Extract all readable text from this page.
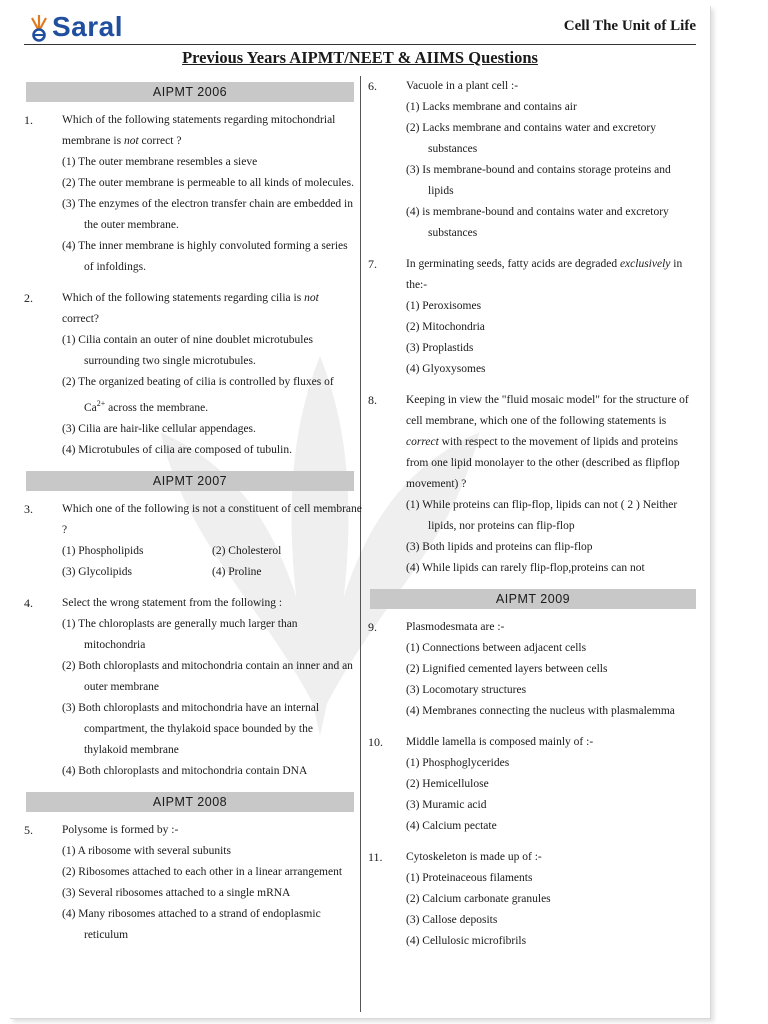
Saral	Cell The Unit of Life
Previous Years AIPMT/NEET & AIIMS Questions
AIPMT 2006
1.	Which of the following statements regarding mitochondrial membrane is not correct ?
(1) The outer membrane resembles a sieve
(2) The outer membrane is permeable to all kinds of molecules.
(3) The enzymes of the electron transfer chain are embedded in the outer membrane.
(4) The inner membrane is highly convoluted forming a series of infoldings.
2.	Which of the following statements regarding cilia is not correct?
(1) Cilia contain an outer of nine doublet microtubules surrounding two single microtubules.
(2) The organized beating of cilia is controlled by fluxes of $Ca^{2+}$ across the membrane.
(3) Cilia are hair-like cellular appendages.
(4) Microtubules of cilia are composed of tubulin.
AIPMT 2007
3.	Which one of the following is not a constituent of cell membrane ?
(1) Phospholipids	(2) Cholesterol
(3) Glycolipids	(4) Proline
4.	Select the wrong statement from the following :
(1) The chloroplasts are generally much larger than mitochondria
(2) Both chloroplasts and mitochondria contain an inner and an outer membrane
(3) Both chloroplasts and mitochondria have an internal compartment, the thylakoid space bounded by the thylakoid membrane
(4) Both chloroplasts and mitochondria contain DNA
AIPMT 2008
5.	Polysome is formed by :-
(1) A ribosome with several subunits
(2) Ribosomes attached to each other in a linear arrangement
(3) Several ribosomes attached to a single mRNA
(4) Many ribosomes attached to a strand of endoplasmic reticulum
6.	Vacuole in a plant cell :-
(1) Lacks membrane and contains air
(2) Lacks membrane and contains water and excretory substances
(3) Is membrane-bound and contains storage proteins and lipids
(4) is membrane-bound and contains water and excretory substances
7.	In germinating seeds, fatty acids are degraded exclusively in the:-
(1) Peroxisomes
(2) Mitochondria
(3) Proplastids
(4) Glyoxysomes
8.	Keeping in view the "fluid mosaic model" for the structure of cell membrane, which one of the following statements is correct with respect to the movement of lipids and proteins from one lipid monolayer to the other (described as flipflop movement) ?
(1) While proteins can flip-flop, lipids can not ( 2 ) Neither lipids, nor proteins can flip-flop
(3) Both lipids and proteins can flip-flop
(4) While lipids can rarely flip-flop,proteins can not
AIPMT 2009
9.	Plasmodesmata are :-
(1) Connections between adjacent cells
(2) Lignified cemented layers between cells
(3) Locomotary structures
(4) Membranes connecting the nucleus with plasmalemma
10.	Middle lamella is composed mainly of :-
(1) Phosphoglycerides
(2) Hemicellulose
(3) Muramic acid
(4) Calcium pectate
11.	Cytoskeleton is made up of :-
(1) Proteinaceous filaments
(2) Calcium carbonate granules
(3) Callose deposits
(4) Cellulosic microfibrils
